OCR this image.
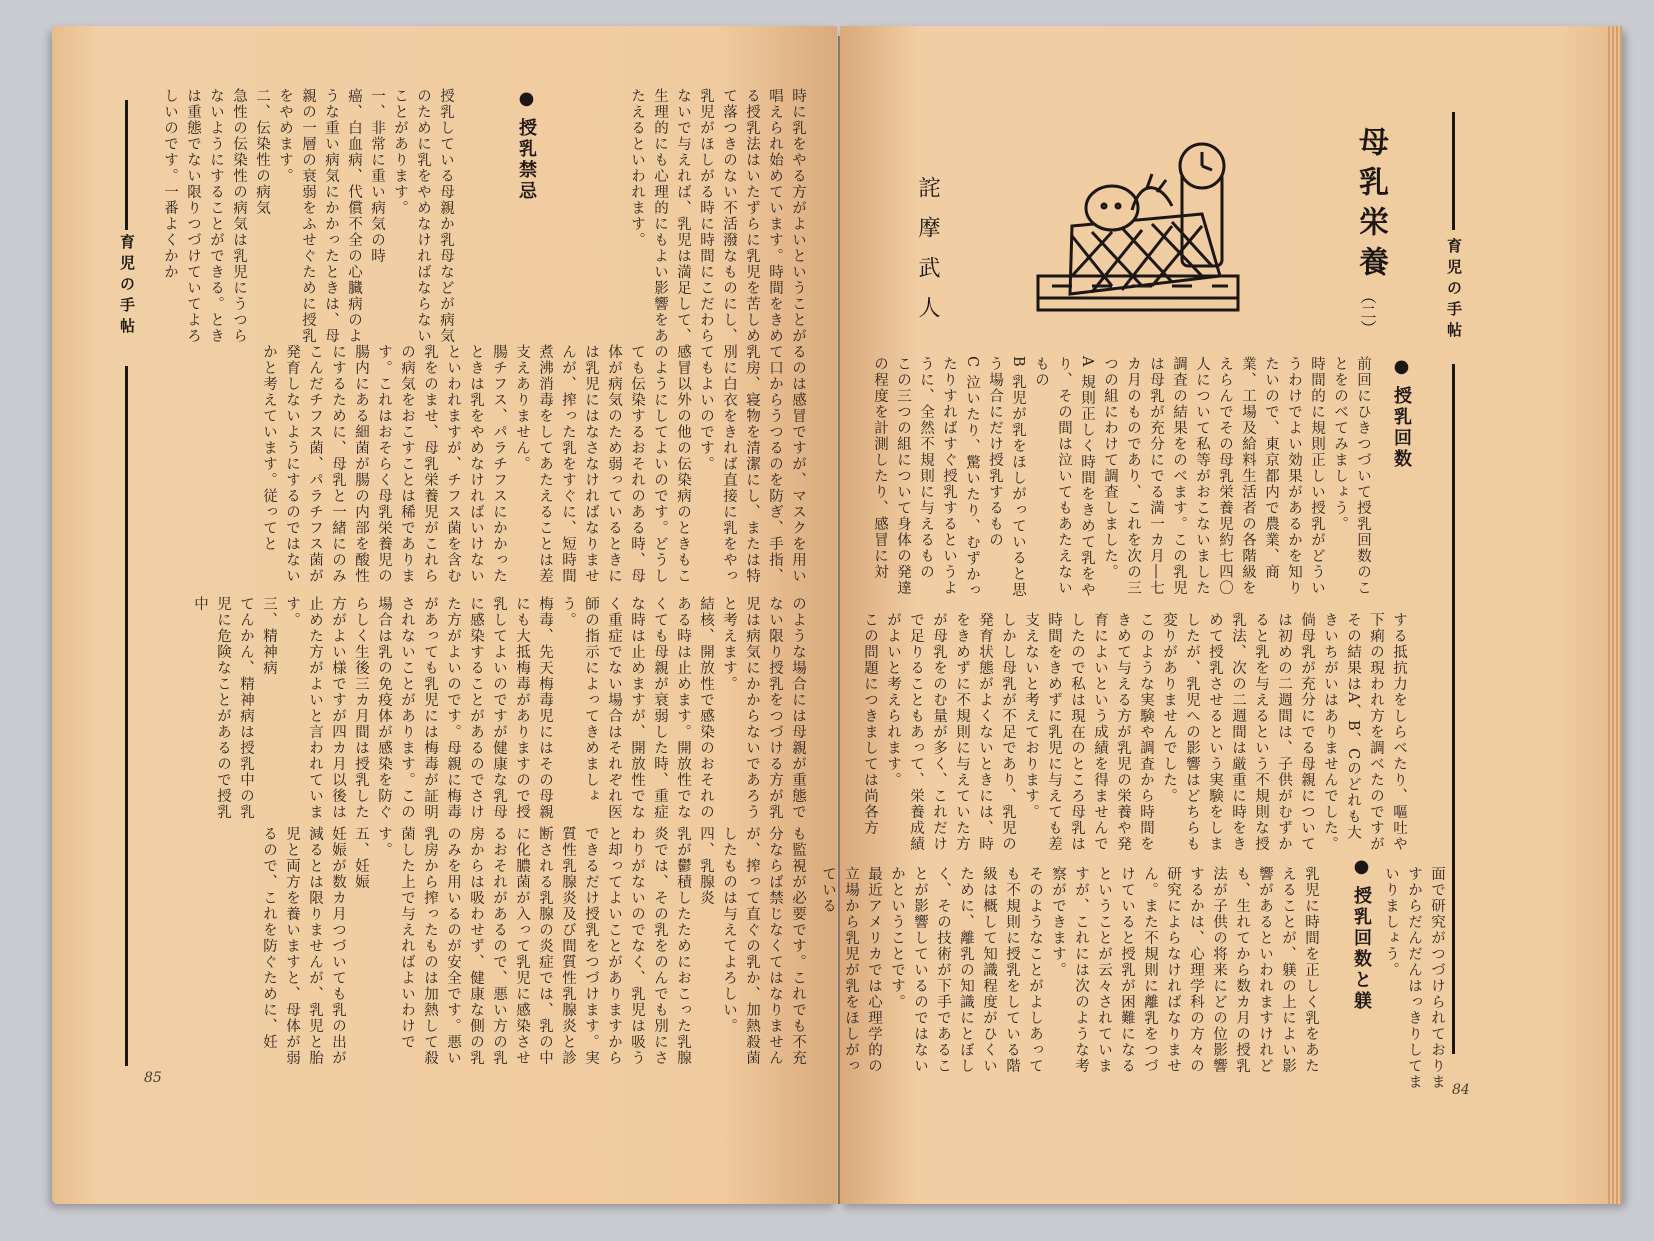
育児の手帖	授乳している母親か乳母などが病気のために乳をやめなければならないことがあります。
一、非常に重い病気の時
癌、白血病、代償不全の心臓病のような重い病気にかかったときは、母親の一層の衰弱をふせぐために授乳をやめます。
二、伝染性の病気
急性の伝染性の病気は乳児にうつらないようにすることができる。ときは重態でない限りつづけていてよろしいのです。一番よくかか	●授乳禁忌	時に乳をやる方がよいということが唱えられ始めています。時間をきめる授乳法はいたずらに乳児を苦しめて落つきのない不活潑なものにし、乳児がほしがる時に時間にこだわらないで与えれば、乳児は満足して、生理的にも心理的にもよい影響をあたえるといわれます。
るのは感冒ですが、マスクを用いて口からうつるのを防ぎ、手指、乳房、寝物を清潔にし、または特別に白衣をきれば直接に乳をやってもよいのです。
感冒以外の他の伝染病のときもこのようにしてよいのです。どうしても伝染するおそれのある時、母体が病気のため弱っているときには乳児にはなさなければなりませんが、搾った乳をすぐに、短時間煮沸消毒をしてあたえることは差支えありません。
腸チフス、パラチフスにかかったときは乳をやめなければいけないといわれますが、チフス菌を含む乳をのませ、母乳栄養児がこれらの病気をおこすことは稀であります。これはおそらく母乳栄養児の腸内にある細菌が腸の内部を酸性にするために、母乳と一緒にのみこんだチフス菌、パラチフス菌が発育しないようにするのではないかと考えています。従ってと
のような場合には母親が重態でない限り授乳をつづける方が乳児は病気にかからないであろうと考えます。
結核、開放性で感染のおそれのある時は止めます。開放性でなくても母親が衰弱した時、重症な時は止めますが、開放性でなく重症でない場合はそれぞれ医師の指示によってきめましょう。
梅毒、先天梅毒児にはその母親にも大抵梅毒がありますので授乳してよいのですが健康な乳母に感染することがあるのでさけた方がよいのです。母親に梅毒があっても乳児には梅毒が証明されないことがあります。この場合は乳の免疫体が感染を防ぐらしく生後三カ月間は授乳した方がよい様ですが四カ月以後は止めた方がよいと言われています。
三、精神病
てんかん、精神病は授乳中の乳児に危険なことがあるので授乳中
も監視が必要です。これでも不充分ならば禁じなくてはなりませんが、搾って直ぐの乳か、加熱殺菌したものは与えてよろしい。
四、乳腺炎
乳が鬱積したためにおこった乳腺炎では、その乳をのんでも別にさわりがないのでなく、乳児は吸うと却ってよいことがありますからできるだけ授乳をつづけます。実質性乳腺炎及び間質性乳腺炎と診断される乳腺の炎症では、乳の中に化膿菌が入って乳児に感染させるおそれがあるので、悪い方の乳房からは吸わせず、健康な側の乳のみを用いるのが安全です。悪い乳房から搾ったものは加熱して殺菌した上で与えればよいわけです。
五、妊娠
妊娠が数カ月つづいても乳の出が減るとは限りませんが、乳児と胎児と両方を養いますと、母体が弱るので、これを防ぐために、妊
85
育児の手帖
母乳栄養
（二）
詫摩武人
●授乳回数
前回にひきつづいて授乳回数のことをのべてみましょう。
時間的に規則正しい授乳がどういうわけでよい効果があるかを知りたいので、東京都内で農業、商業、工場及給料生活者の各階級をえらんでその母乳栄養児約七四〇人について私等がおこないました調査の結果をのべます。この乳児は母乳が充分にでる満一カ月―七カ月のものであり、これを次の三つの組にわけて調査しました。
A 規則正しく時間をきめて乳をやり、その間は泣いてもあたえないもの
B 乳児が乳をほしがっていると思う場合にだけ授乳するもの
C 泣いたり、驚いたり、むずかったりすればすぐ授乳するというように、全然不規則に与えるもの
この三つの組について身体の発達の程度を計測したり、感冒に対
する抵抗力をしらべたり、嘔吐や下痢の現われ方を調べたのですがその結果はA、B、Cのどれも大きいちがいはありませんでした。
倘母乳が充分にでる母親については初めの二週間は、子供がむずかると乳を与えるという不規則な授乳法、次の二週間は厳重に時をきめて授乳させるという実験をしましたが、乳児への影響はどちらも変りがありませんでした。
このような実験や調査から時間をきめて与える方が乳児の栄養や発育によいという成績を得ませんでしたので私は現在のところ母乳は時間をきめずに乳児に与えても差支えないと考えております。
しかし母乳が不足であり、乳児の発育状態がよくないときには、時をきめずに不規則に与えていた方が母乳をのむ量が多く、これだけで足りることもあって、栄養成績がよいと考えられます。
この問題につきましては尚各方
面で研究がつづけられておりますからだんだんはっきりしてまいりましょう。
●授乳回数と躾
乳児に時間を正しく乳をあたえることが、躾の上によい影響があるといわれますけれども、生れてから数カ月の授乳法が子供の将来にどの位影響するかは、心理学科の方々の研究によらなければなりません。また不規則に離乳をつづけていると授乳が困難になるということが云々されていますが、これには次のような考察ができます。
そのようなことがよしあっても不規則に授乳をしている階級は概して知識程度がひくいために、離乳の知識にとぼしく、その技術が下手であることが影響しているのではないかということです。
最近アメリカでは心理学的の立場から乳児が乳をほしがっている
84
